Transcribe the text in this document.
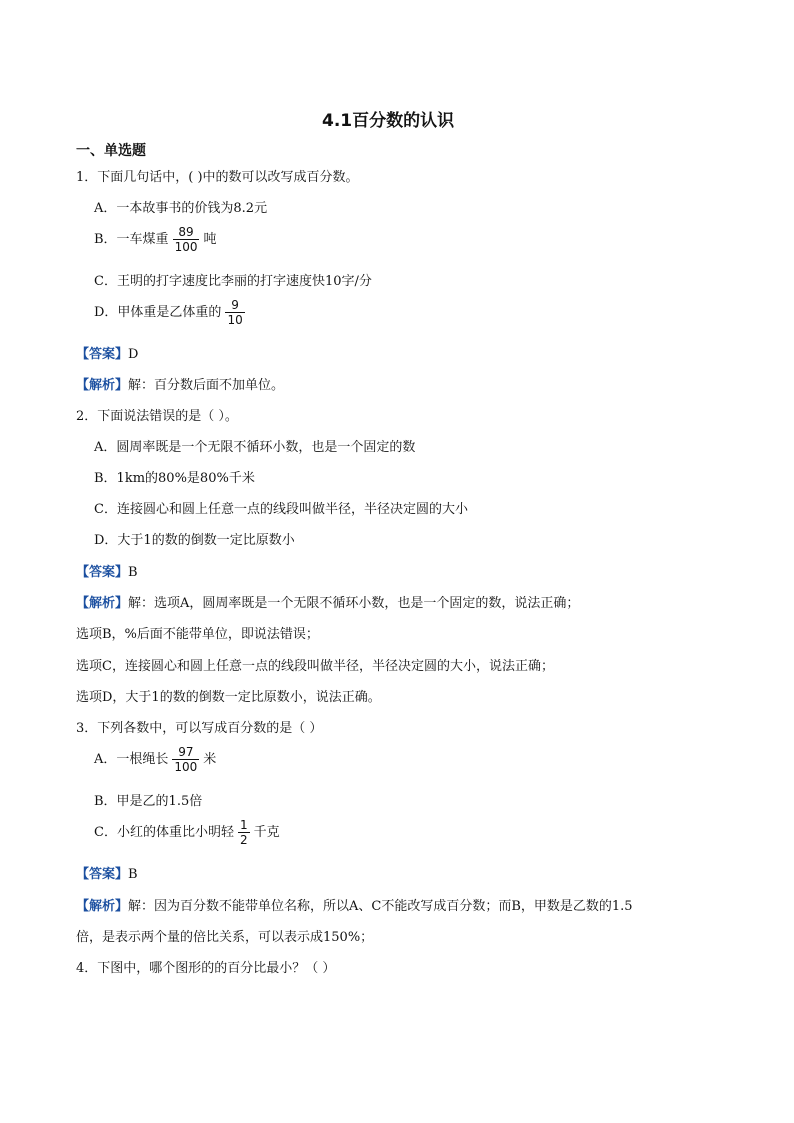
4.1百分数的认识
一、单选题
1．下面几句话中，( )中的数可以改写成百分数。
A．一本故事书的价钱为8.2元
B．一车煤重 $\frac{89}{100}$ 吨
C．王明的打字速度比李丽的打字速度快10字/分
D．甲体重是乙体重的 $\frac{9}{10}$
【答案】D
【解析】解：百分数后面不加单位。
2．下面说法错误的是（ ）。
A．圆周率既是一个无限不循环小数，也是一个固定的数
B．1km的80%是80%千米
C．连接圆心和圆上任意一点的线段叫做半径，半径决定圆的大小
D．大于1的数的倒数一定比原数小
【答案】B
【解析】解：选项A，圆周率既是一个无限不循环小数，也是一个固定的数，说法正确；
选项B，%后面不能带单位，即说法错误；
选项C，连接圆心和圆上任意一点的线段叫做半径，半径决定圆的大小，说法正确；
选项D，大于1的数的倒数一定比原数小，说法正确。
3．下列各数中，可以写成百分数的是（ ）
A．一根绳长 $\frac{97}{100}$ 米
B．甲是乙的1.5倍
C．小红的体重比小明轻 $\frac{1}{2}$ 千克
【答案】B
【解析】解：因为百分数不能带单位名称，所以A、C不能改写成百分数；而B，甲数是乙数的1.5
倍，是表示两个量的倍比关系，可以表示成150%；
4．下图中，哪个图形的的百分比最小？（ ）
